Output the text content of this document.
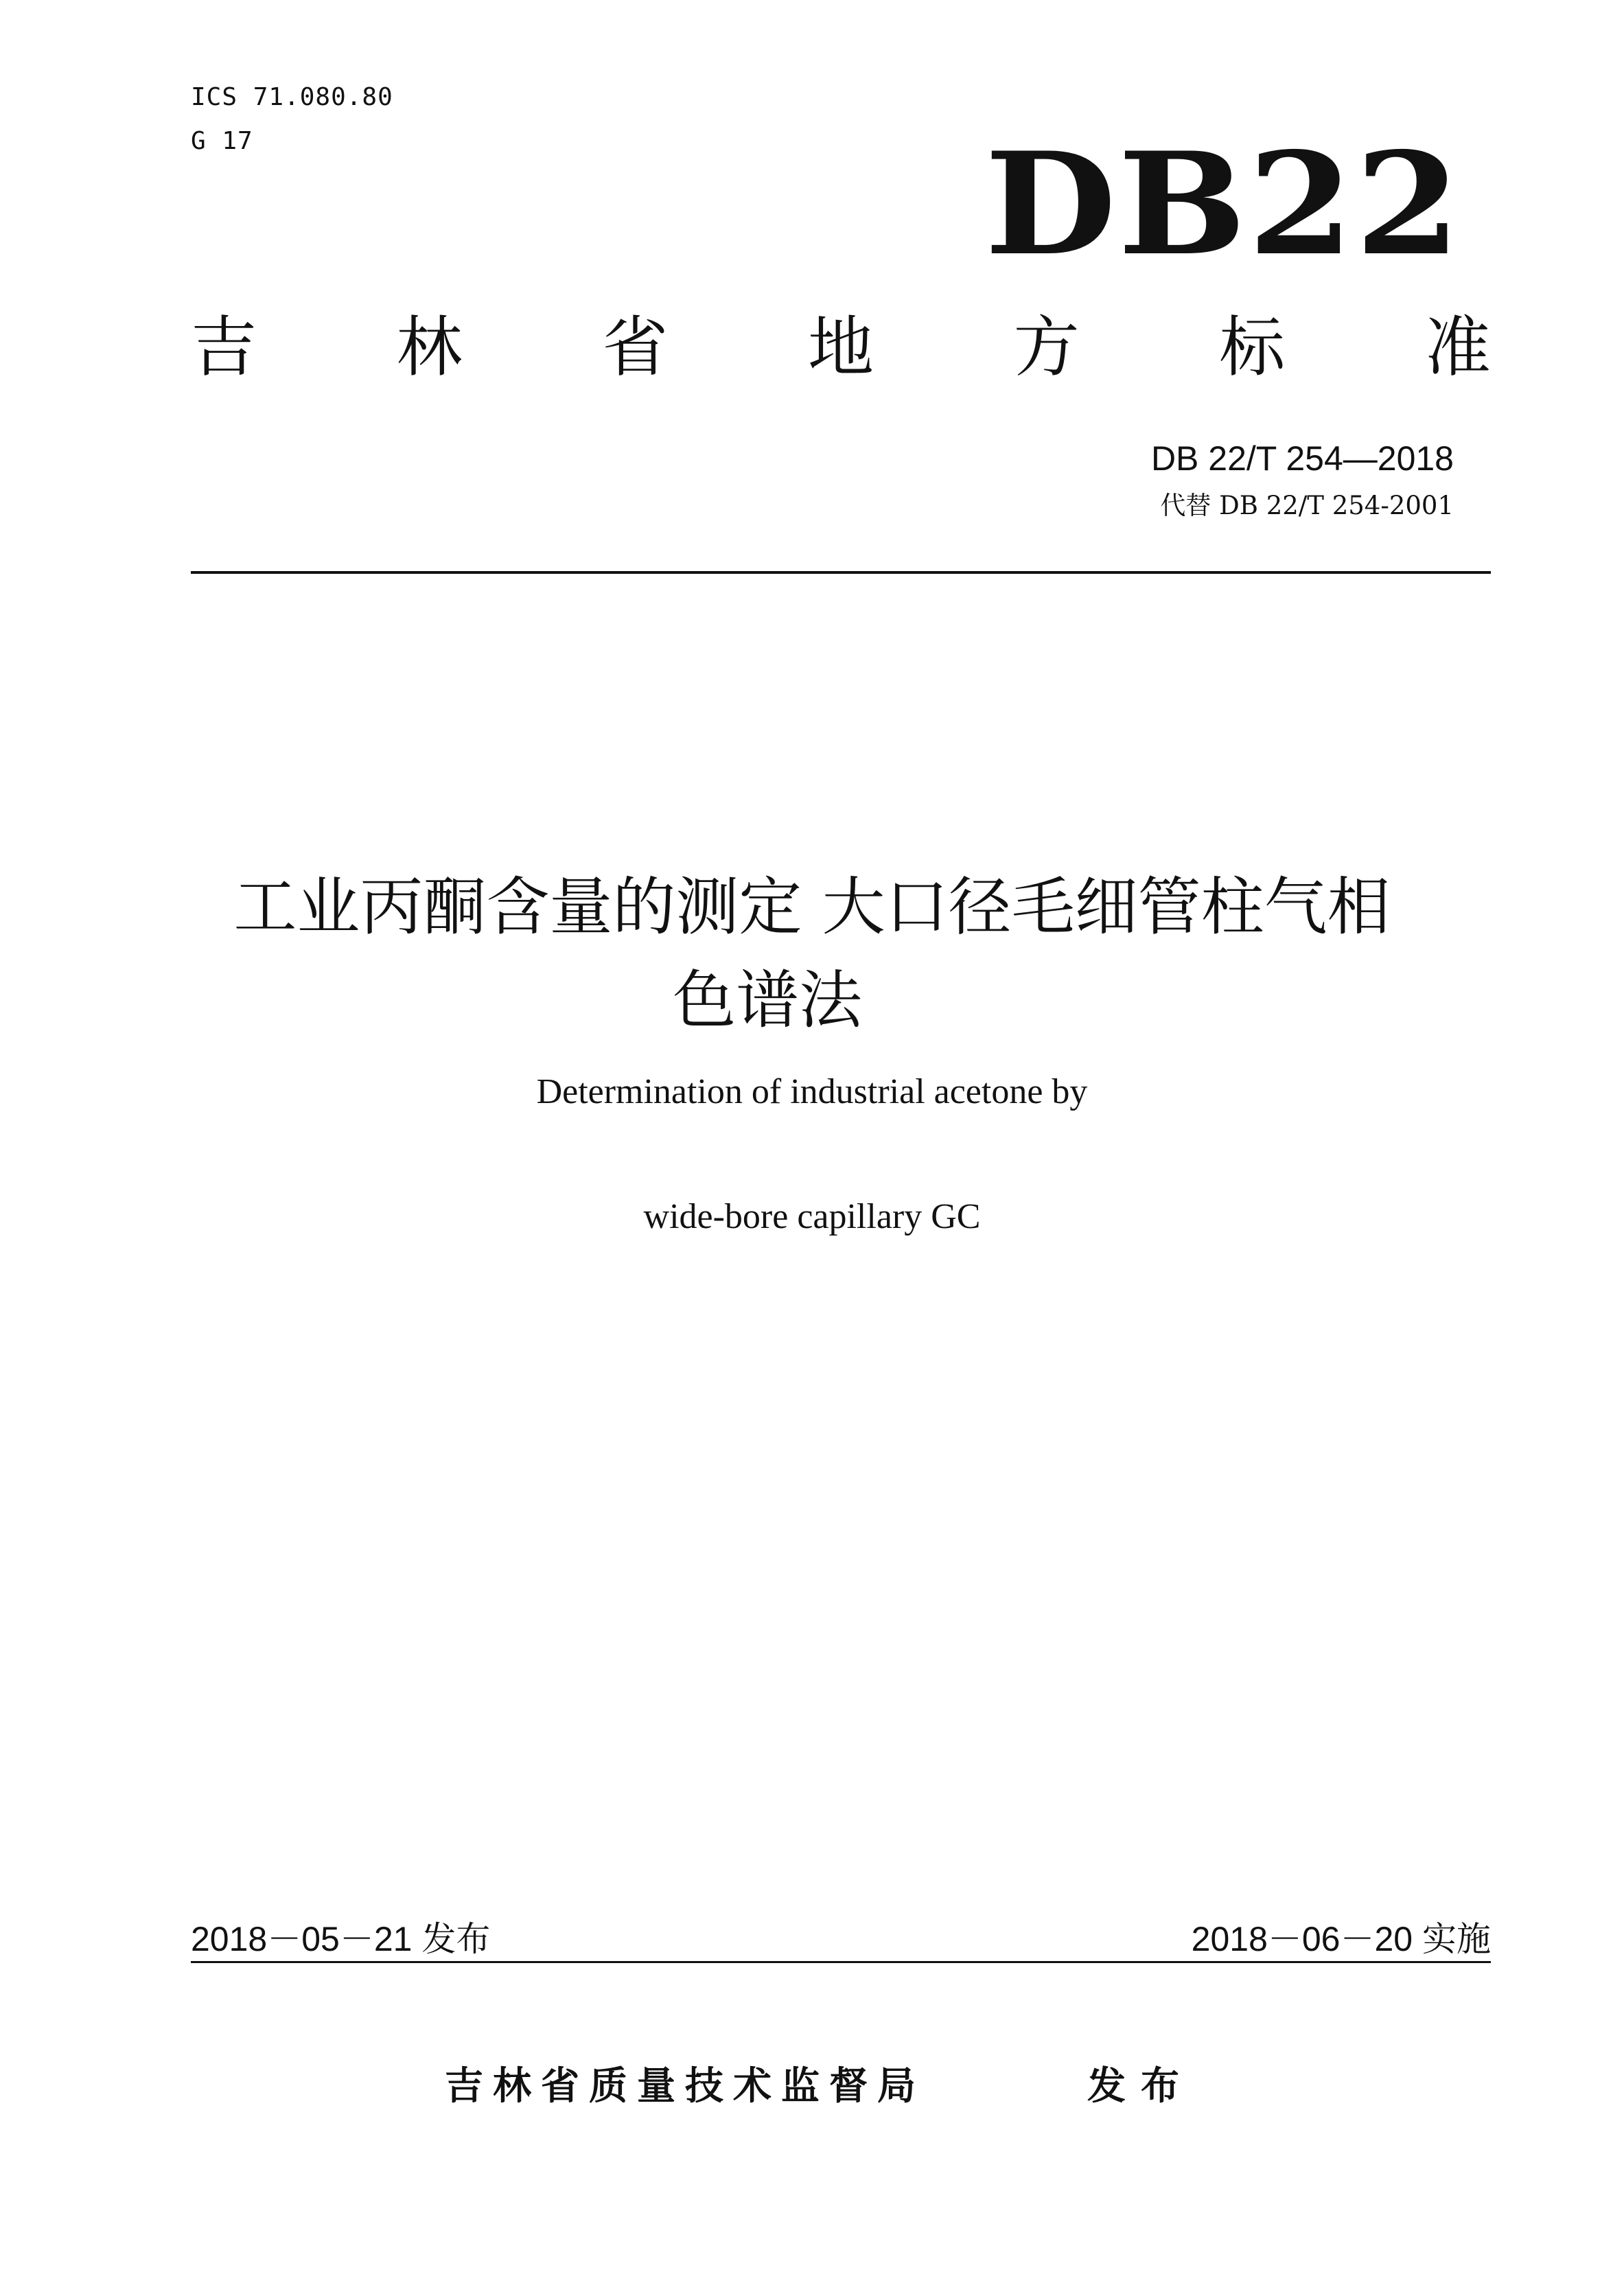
ICS 71.080.80
G 17	DB22
吉 林 省 地 方 标 准
DB 22/T 254—2018
代替 DB 22/T 254-2001
工业丙酮含量的测定 大口径毛细管柱气相
色谱法
Determination of industrial acetone by
wide-bore capillary GC
2018－05－21 发布	2018－06－20 实施
吉林省质量技术监督局	发布
